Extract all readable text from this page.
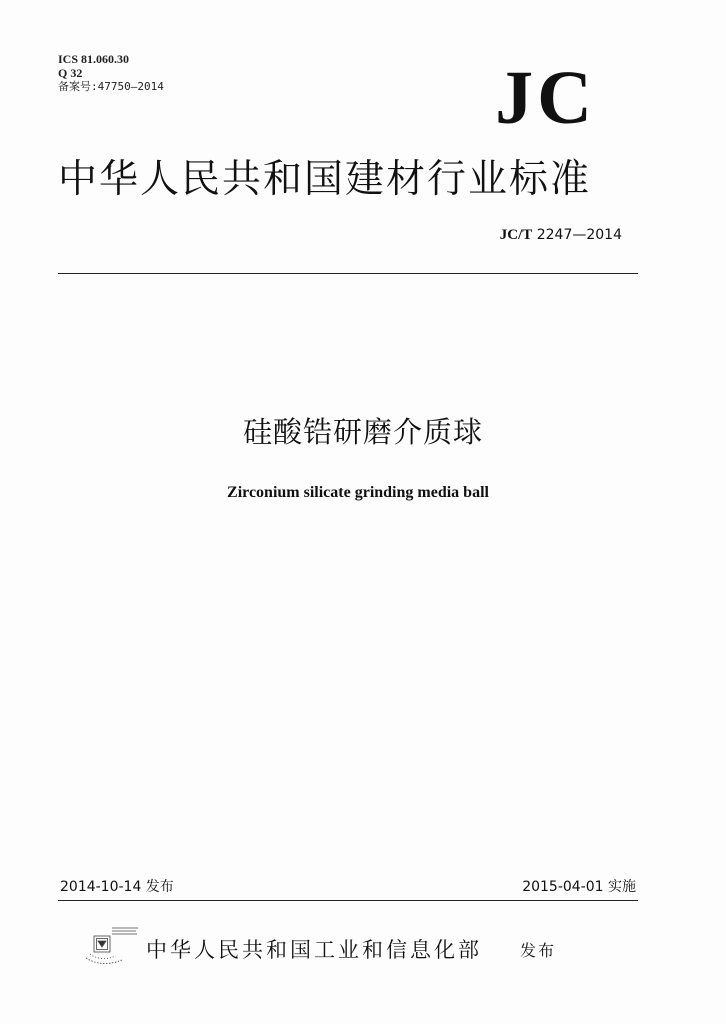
ICS 81.060.30
Q 32
备案号:47750—2014	JC
中华人民共和国建材行业标准
JC/T 2247—2014
硅酸锆研磨介质球
Zirconium silicate grinding media ball
2014-10-14 发布	2015-04-01 实施
中华人民共和国工业和信息化部 发布
